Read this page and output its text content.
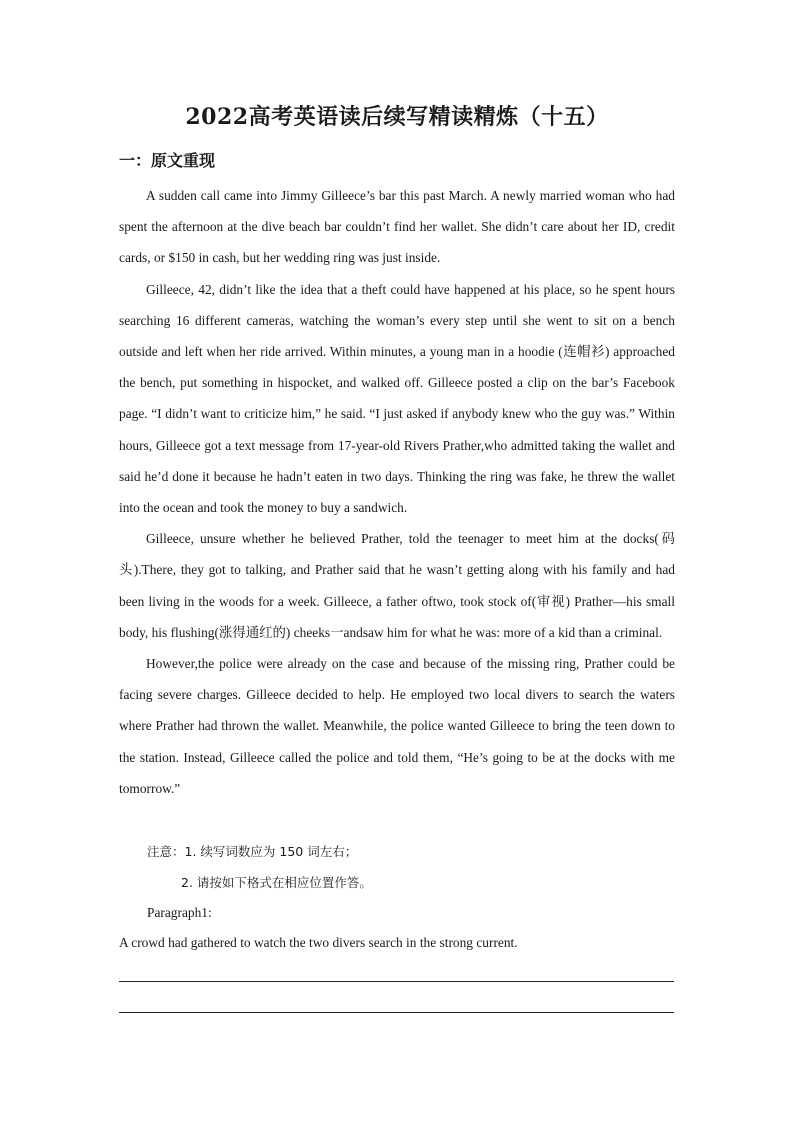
2022高考英语读后续写精读精炼（十五）
一：原文重现

A sudden call came into Jimmy Gilleece’s bar this past March. A newly married woman who had spent the afternoon at the dive beach bar couldn’t find her wallet. She didn’t care about her ID, credit cards, or $150 in cash, but her wedding ring was just inside.

Gilleece, 42, didn’t like the idea that a theft could have happened at his place, so he spent hours searching 16 different cameras, watching the woman’s every step until she went to sit on a bench outside and left when her ride arrived. Within minutes, a young man in a hoodie (连帽衫) approached the bench, put something in hispocket, and walked off. Gilleece posted a clip on the bar’s Facebook page. “I didn’t want to criticize him,” he said. “I just asked if anybody knew who the guy was.” Within hours, Gilleece got a text message from 17-year-old Rivers Prather,who admitted taking the wallet and said he’d done it because he hadn’t eaten in two days. Thinking the ring was fake, he threw the wallet into the ocean and took the money to buy a sandwich.

Gilleece, unsure whether he believed Prather, told the teenager to meet him at the docks(码头).There, they got to talking, and Prather said that he wasn’t getting along with his family and had been living in the woods for a week. Gilleece, a father oftwo, took stock of(审视) Prather—his small body, his flushing(涨得通红的) cheeks一andsaw him for what he was: more of a kid than a criminal.

However,the police were already on the case and because of the missing ring, Prather could be facing severe charges. Gilleece decided to help. He employed two local divers to search the waters where Prather had thrown the wallet. Meanwhile, the police wanted Gilleece to bring the teen down to the station. Instead, Gilleece called the police and told them, “He’s going to be at the docks with me tomorrow.”

注意：1. 续写词数应为 150 词左右；
2. 请按如下格式在相应位置作答。
Paragraph1:
A crowd had gathered to watch the two divers search in the strong current.
